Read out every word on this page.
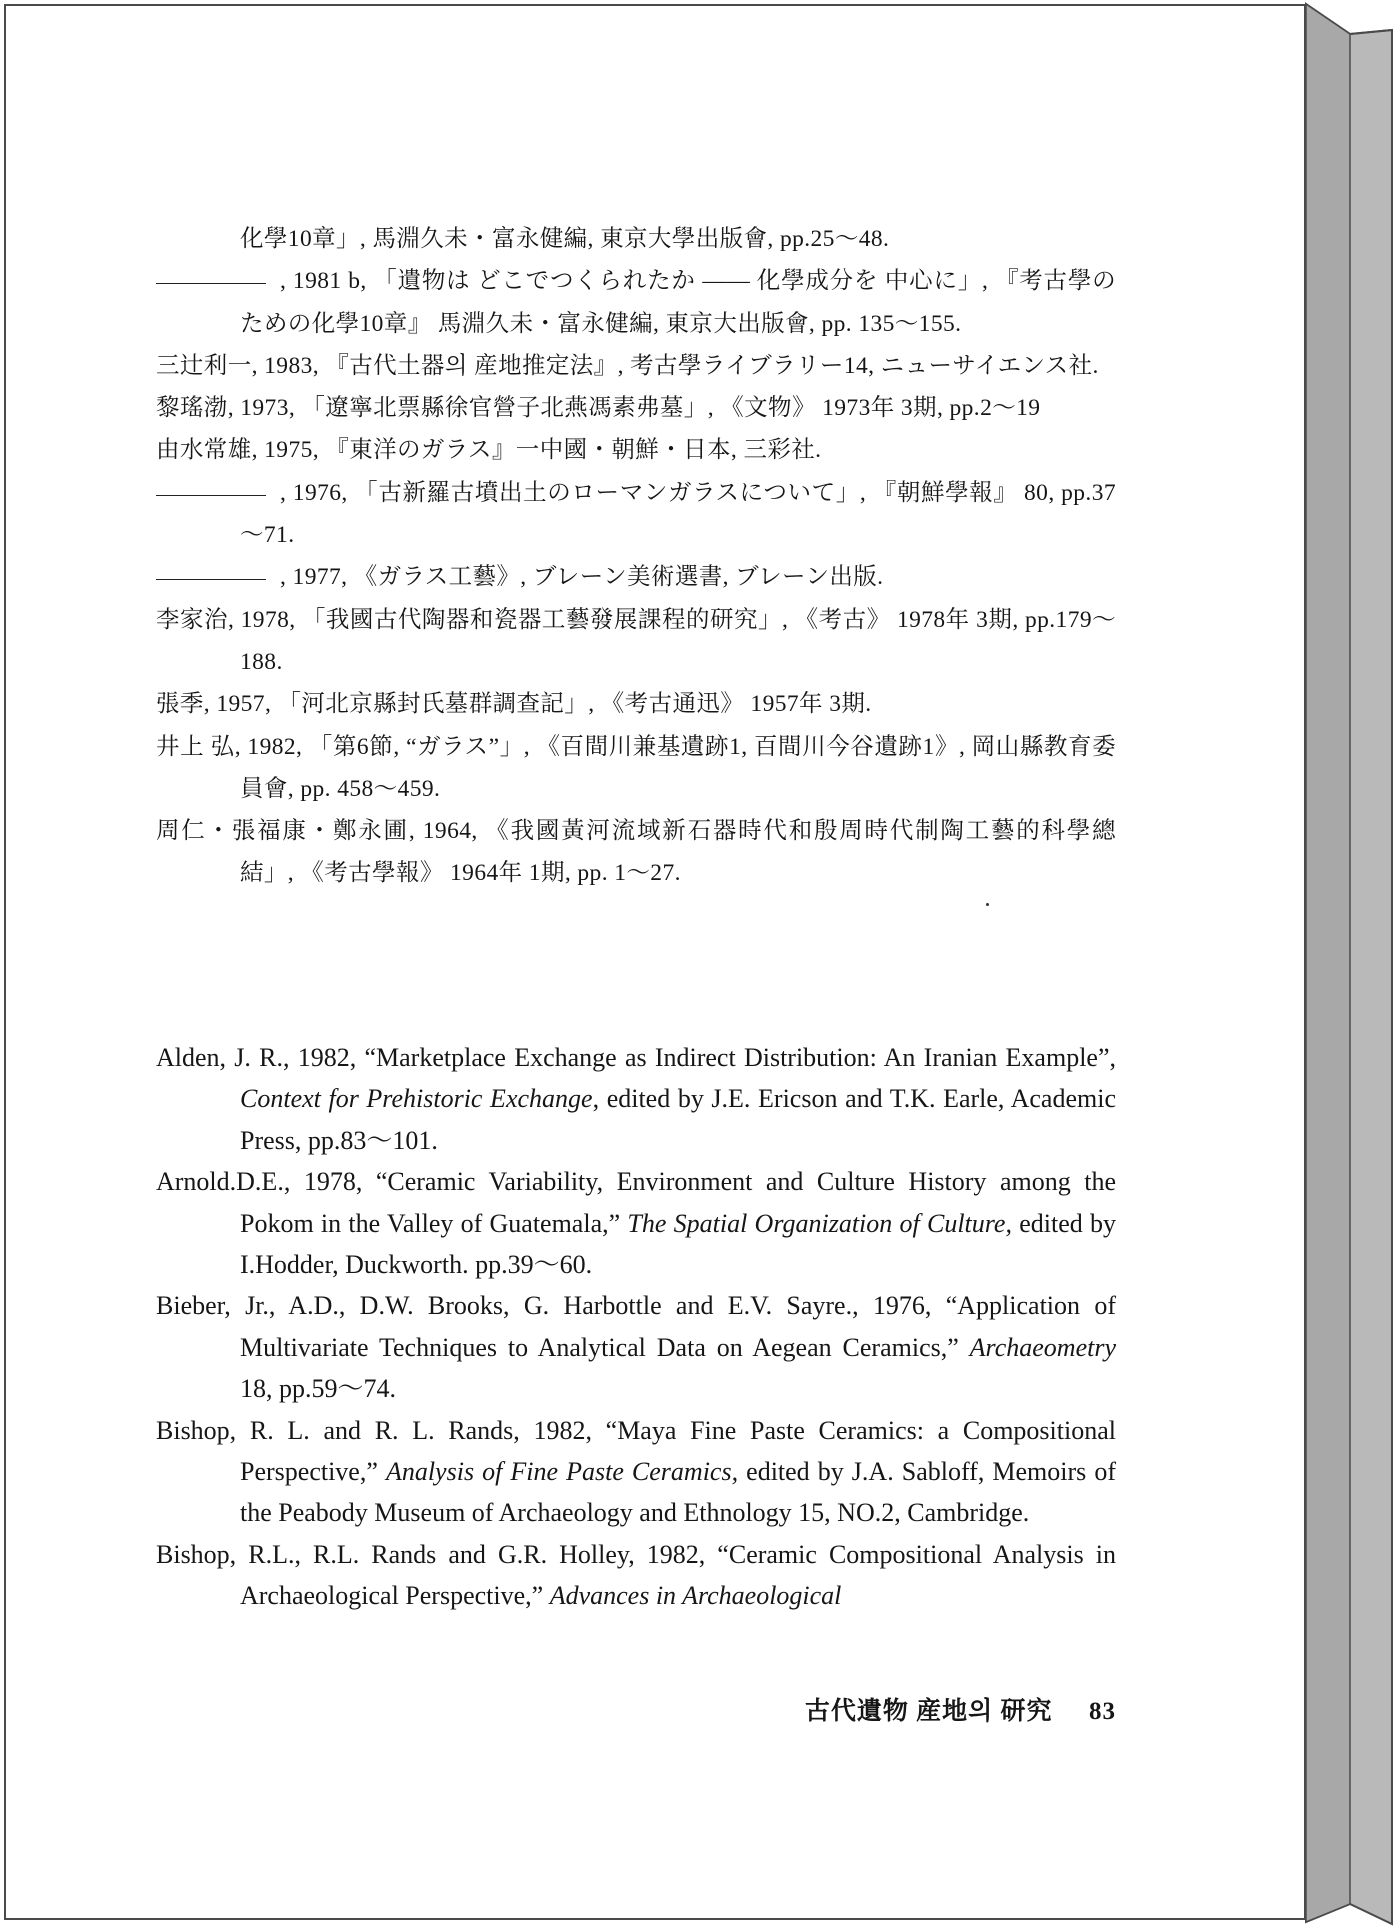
化學10章」, 馬淵久未・富永健編, 東京大學出版會, pp.25～48.
, 1981 b, 「遺物は どこでつくられたか —— 化學成分を 中心に」, 『考古學のための化學10章』 馬淵久未・富永健編, 東京大出版會, pp. 135～155.
三辻利一, 1983, 『古代土器의 産地推定法』, 考古學ライブラリー14, ニューサイエンス社.
黎瑤渤, 1973, 「遼寧北票縣徐官營子北燕馮素弗墓」, 《文物》 1973年 3期, pp.2～19
由水常雄, 1975, 『東洋のガラス』一中國・朝鮮・日本, 三彩社.
, 1976, 「古新羅古墳出土のローマンガラスについて」, 『朝鮮學報』 80, pp.37～71.
, 1977, 《ガラス工藝》, ブレーン美術選書, ブレーン出版.
李家治, 1978, 「我國古代陶器和瓷器工藝發展課程的研究」, 《考古》 1978年 3期, pp.179～188.
張季, 1957, 「河北京縣封氏墓群調查記」, 《考古通迅》 1957年 3期.
井上 弘, 1982, 「第6節, “ガラス”」, 《百間川兼基遺跡1, 百間川今谷遺跡1》, 岡山縣教育委員會, pp. 458～459.
周仁・張福康・鄭永圃, 1964, 《我國黃河流域新石器時代和殷周時代制陶工藝的科學總結」, 《考古學報》 1964年 1期, pp. 1～27.
Alden, J. R., 1982, “Marketplace Exchange as Indirect Distribution: An Iranian Example”, Context for Prehistoric Exchange, edited by J.E. Ericson and T.K. Earle, Academic Press, pp.83～101.
Arnold.D.E., 1978, “Ceramic Variability, Environment and Culture History among the Pokom in the Valley of Guatemala,” The Spatial Organization of Culture, edited by I.Hodder, Duckworth. pp.39～60.
Bieber, Jr., A.D., D.W. Brooks, G. Harbottle and E.V. Sayre., 1976, “Application of Multivariate Techniques to Analytical Data on Aegean Ceramics,” Archaeometry 18, pp.59～74.
Bishop, R. L. and R. L. Rands, 1982, “Maya Fine Paste Ceramics: a Compositional Perspective,” Analysis of Fine Paste Ceramics, edited by J.A. Sabloff, Memoirs of the Peabody Museum of Archaeology and Ethnology 15, NO.2, Cambridge.
Bishop, R.L., R.L. Rands and G.R. Holley, 1982, “Ceramic Compositional Analysis in Archaeological Perspective,” Advances in Archaeological
古代遺物 産地의 研究 83
